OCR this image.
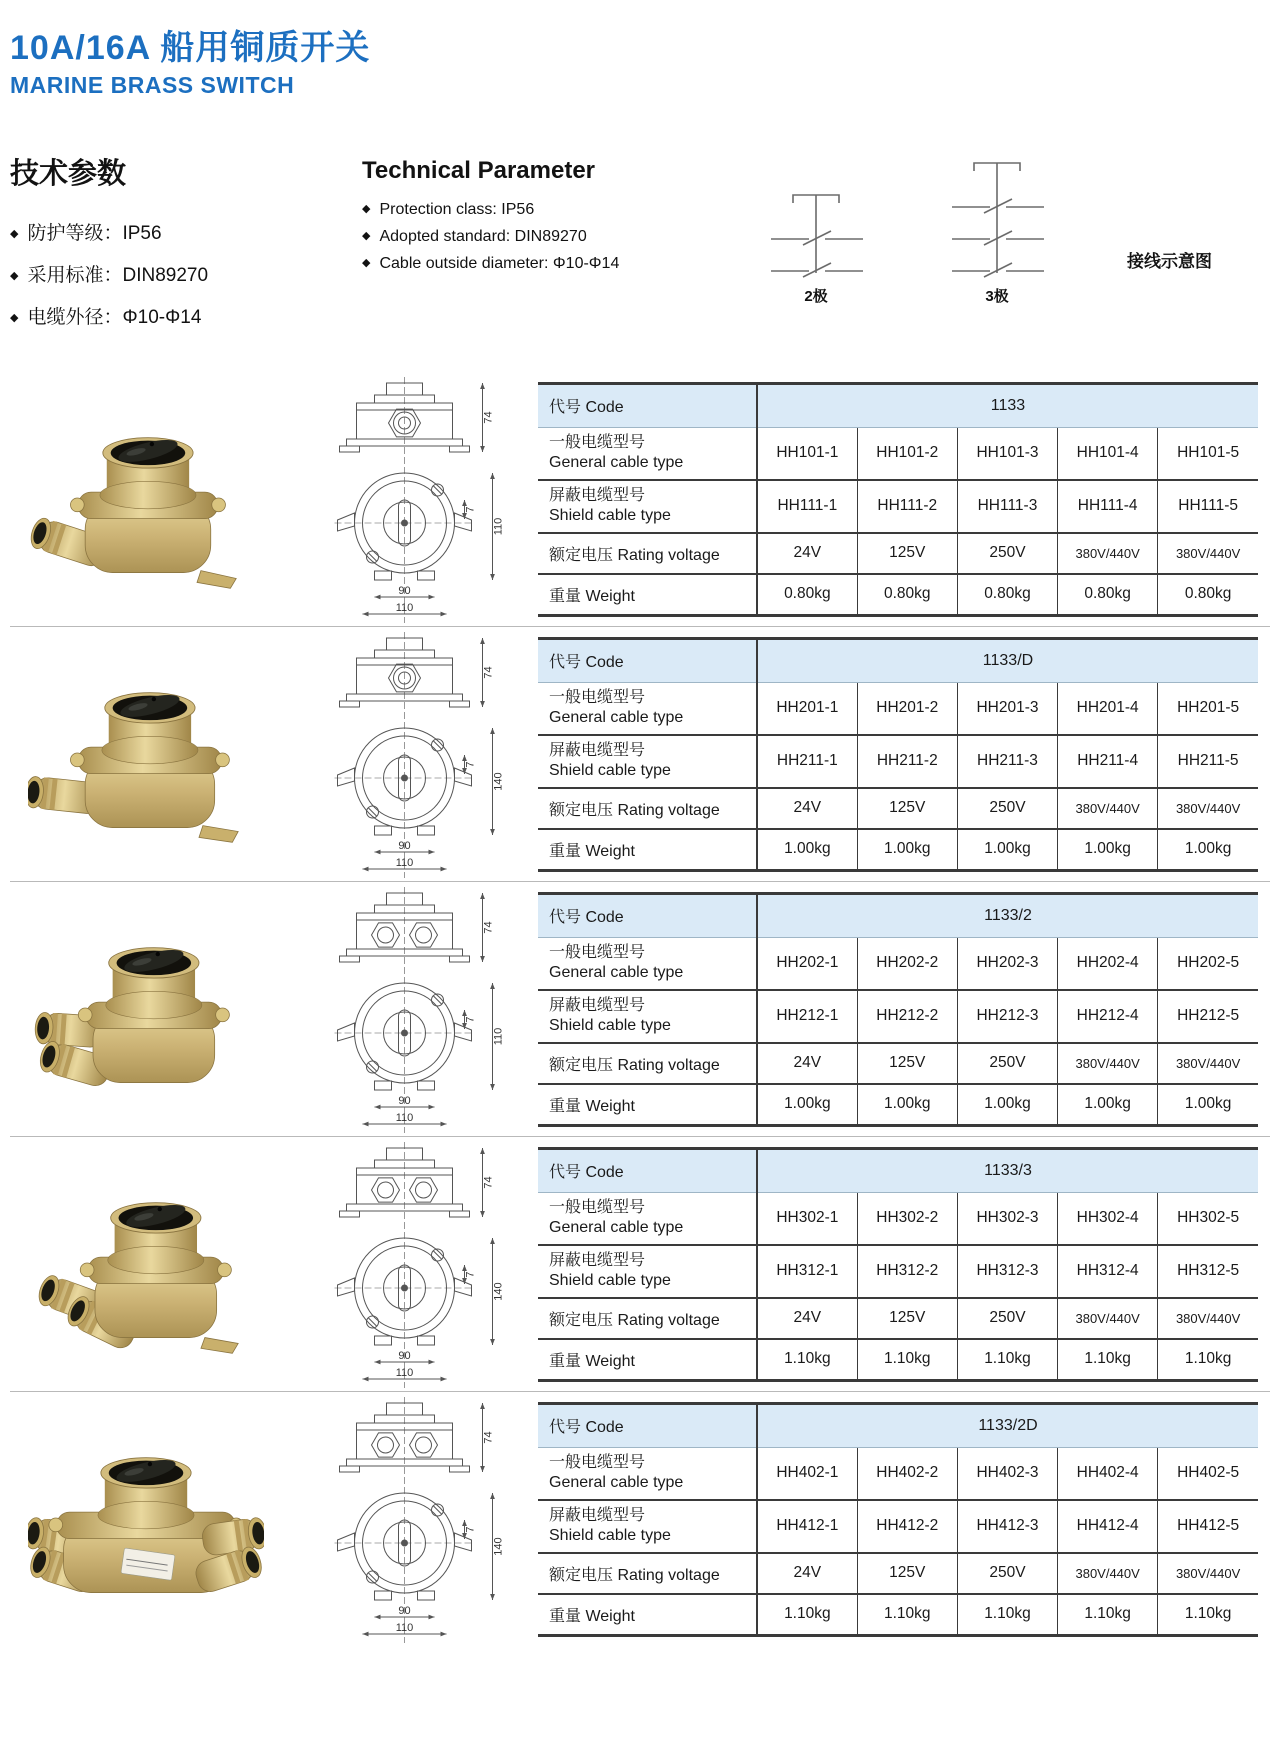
10A/16A 船用铜质开关
MARINE BRASS SWITCH
技术参数
◆ 防护等级：IP56
◆ 采用标准：DIN89270
◆ 电缆外径：Φ10-Φ14
Technical Parameter
◆ Protection class: IP56
◆ Adopted standard: DIN89270
◆ Cable outside diameter: Φ10-Φ14
2极	3极
接线示意图
74
7
110
90
110
代号 Code	1133				

一般电缆型号
General cable type	HH101-1	HH101-2	HH101-3	HH101-4	HH101-5

屏蔽电缆型号
Shield cable type	HH111-1	HH111-2	HH111-3	HH111-4	HH111-5
额定电压 Rating voltage	24V	125V	250V	380V/440V	380V/440V
重量 Weight	0.80kg	0.80kg	0.80kg	0.80kg	0.80kg
74
7
140
90
110
代号 Code	1133/D				

一般电缆型号
General cable type	HH201-1	HH201-2	HH201-3	HH201-4	HH201-5

屏蔽电缆型号
Shield cable type	HH211-1	HH211-2	HH211-3	HH211-4	HH211-5
额定电压 Rating voltage	24V	125V	250V	380V/440V	380V/440V
重量 Weight	1.00kg	1.00kg	1.00kg	1.00kg	1.00kg
74
7
110
90
110
代号 Code	1133/2				

一般电缆型号
General cable type	HH202-1	HH202-2	HH202-3	HH202-4	HH202-5

屏蔽电缆型号
Shield cable type	HH212-1	HH212-2	HH212-3	HH212-4	HH212-5
额定电压 Rating voltage	24V	125V	250V	380V/440V	380V/440V
重量 Weight	1.00kg	1.00kg	1.00kg	1.00kg	1.00kg
74
7
140
90
110
代号 Code	1133/3				

一般电缆型号
General cable type	HH302-1	HH302-2	HH302-3	HH302-4	HH302-5

屏蔽电缆型号
Shield cable type	HH312-1	HH312-2	HH312-3	HH312-4	HH312-5
额定电压 Rating voltage	24V	125V	250V	380V/440V	380V/440V
重量 Weight	1.10kg	1.10kg	1.10kg	1.10kg	1.10kg
74
7
140
90
110
代号 Code	1133/2D				

一般电缆型号
General cable type	HH402-1	HH402-2	HH402-3	HH402-4	HH402-5

屏蔽电缆型号
Shield cable type	HH412-1	HH412-2	HH412-3	HH412-4	HH412-5
额定电压 Rating voltage	24V	125V	250V	380V/440V	380V/440V
重量 Weight	1.10kg	1.10kg	1.10kg	1.10kg	1.10kg
